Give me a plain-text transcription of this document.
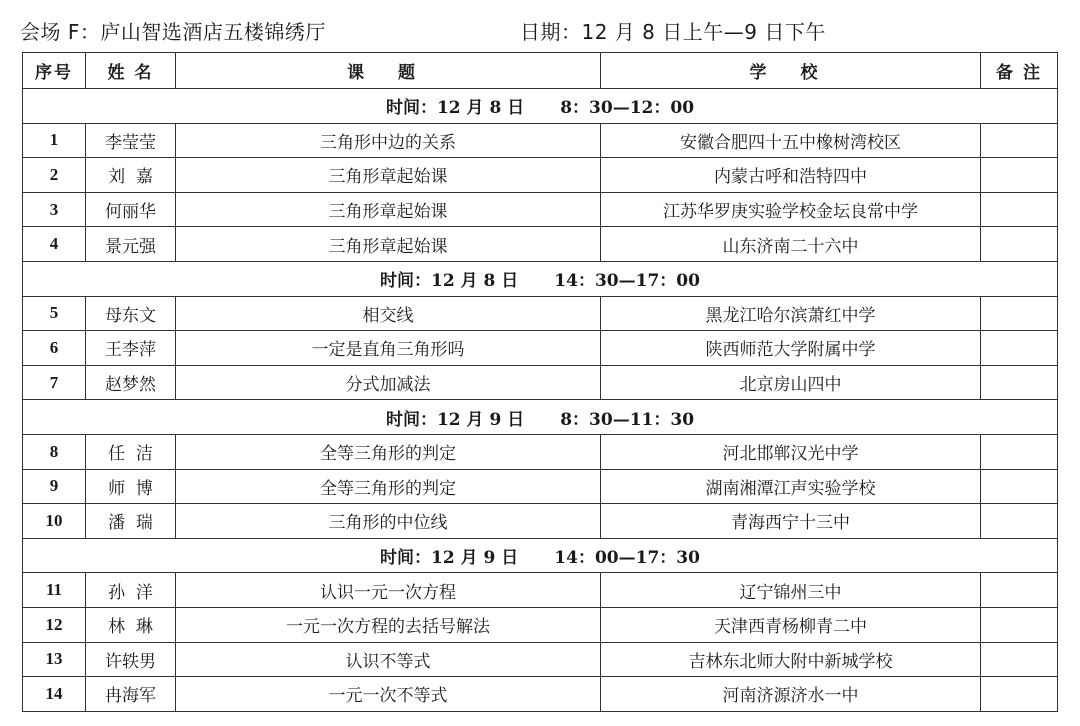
会场 F：庐山智选酒店五楼锦绣厅	日期：12 月 8 日上午—9 日下午
序号	姓 名	课 题	学 校	备 注
时间：12 月 8 日 8：30—12：00				
1	李莹莹	三角形中边的关系	安徽合肥四十五中橡树湾校区	
2	刘  嘉	三角形章起始课	内蒙古呼和浩特四中	
3	何丽华	三角形章起始课	江苏华罗庚实验学校金坛良常中学	
4	景元强	三角形章起始课	山东济南二十六中	
时间：12 月 8 日 14：30—17：00				
5	母东文	相交线	黑龙江哈尔滨萧红中学	
6	王李萍	一定是直角三角形吗	陕西师范大学附属中学	
7	赵梦然	分式加减法	北京房山四中	
时间：12 月 9 日 8：30—11：30				
8	任  洁	全等三角形的判定	河北邯郸汉光中学	
9	师  博	全等三角形的判定	湖南湘潭江声实验学校	
10	潘  瑞	三角形的中位线	青海西宁十三中	
时间：12 月 9 日 14：00—17：30				
11	孙  洋	认识一元一次方程	辽宁锦州三中	
12	林  琳	一元一次方程的去括号解法	天津西青杨柳青二中	
13	许轶男	认识不等式	吉林东北师大附中新城学校	
14	冉海军	一元一次不等式	河南济源济水一中	
